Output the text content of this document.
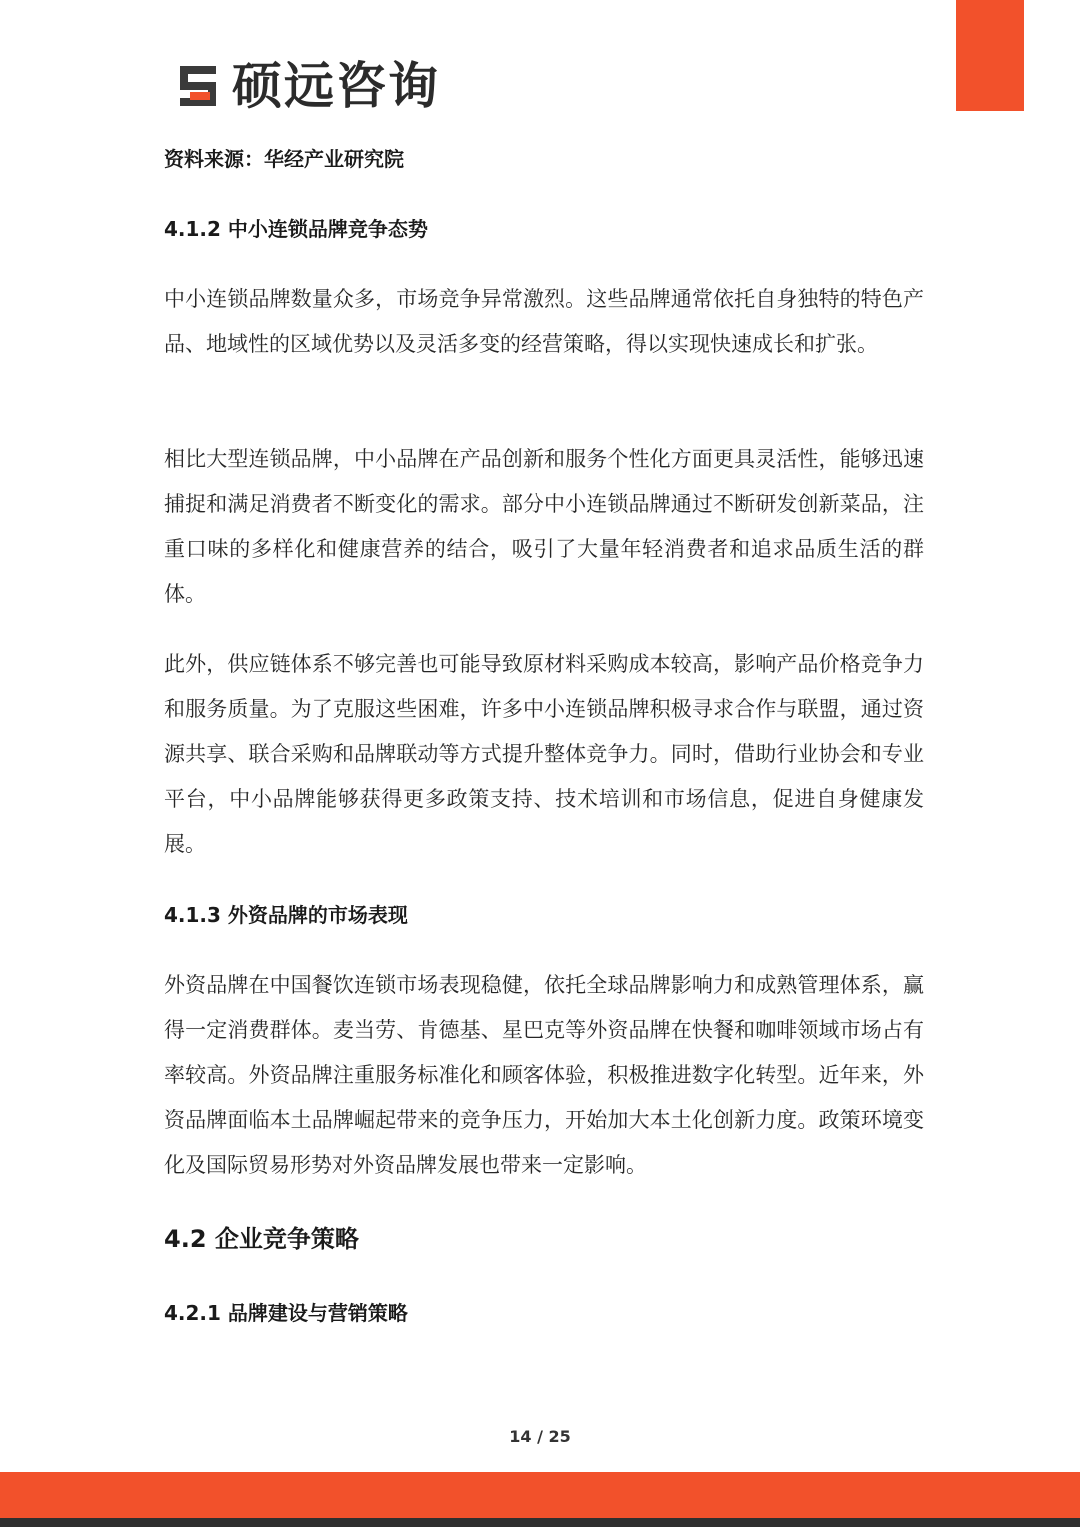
硕远咨询
资料来源：华经产业研究院
4.1.2 中小连锁品牌竞争态势

中小连锁品牌数量众多，市场竞争异常激烈。这些品牌通常依托自身独特的特色产品、地域性的区域优势以及灵活多变的经营策略，得以实现快速成长和扩张。

相比大型连锁品牌，中小品牌在产品创新和服务个性化方面更具灵活性，能够迅速捕捉和满足消费者不断变化的需求。部分中小连锁品牌通过不断研发创新菜品，注重口味的多样化和健康营养的结合，吸引了大量年轻消费者和追求品质生活的群体。

此外，供应链体系不够完善也可能导致原材料采购成本较高，影响产品价格竞争力和服务质量。为了克服这些困难，许多中小连锁品牌积极寻求合作与联盟，通过资源共享、联合采购和品牌联动等方式提升整体竞争力。同时，借助行业协会和专业平台，中小品牌能够获得更多政策支持、技术培训和市场信息，促进自身健康发展。

4.1.3 外资品牌的市场表现

外资品牌在中国餐饮连锁市场表现稳健，依托全球品牌影响力和成熟管理体系，赢得一定消费群体。麦当劳、肯德基、星巴克等外资品牌在快餐和咖啡领域市场占有率较高。外资品牌注重服务标准化和顾客体验，积极推进数字化转型。近年来，外资品牌面临本土品牌崛起带来的竞争压力，开始加大本土化创新力度。政策环境变化及国际贸易形势对外资品牌发展也带来一定影响。

4.2 企业竞争策略
4.2.1 品牌建设与营销策略
14 / 25
